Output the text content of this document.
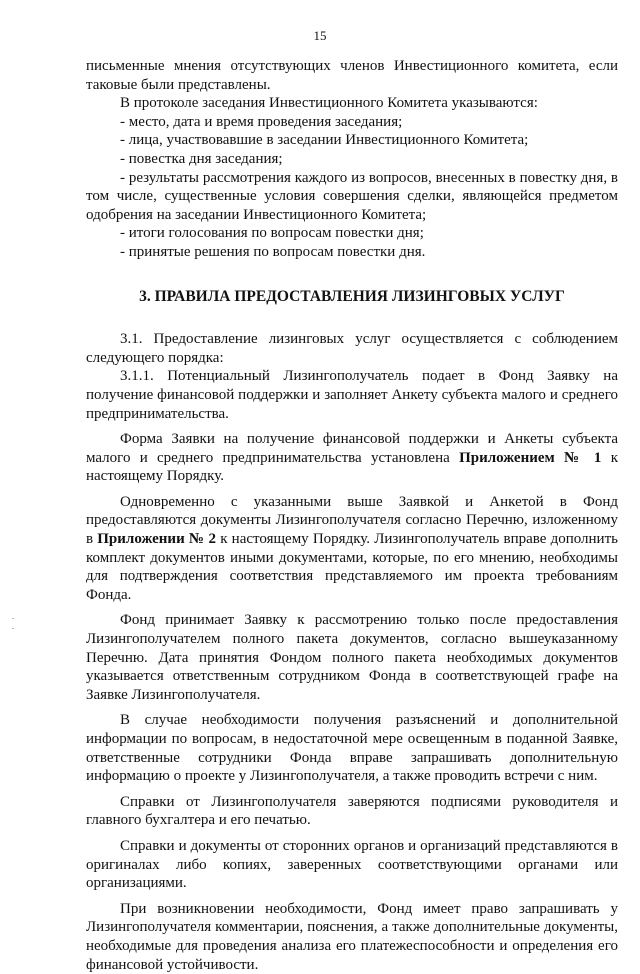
15

письменные мнения отсутствующих членов Инвестиционного комитета, если таковые были представлены.

В протоколе заседания Инвестиционного Комитета указываются:

- место, дата и время проведения заседания;

- лица, участвовавшие в заседании Инвестиционного Комитета;

- повестка дня заседания;

- результаты рассмотрения каждого из вопросов, внесенных в повестку дня, в том числе, существенные условия совершения сделки, являющейся предметом одобрения на заседании Инвестиционного Комитета;

- итоги голосования по вопросам повестки дня;

- принятые решения по вопросам повестки дня.

3. ПРАВИЛА ПРЕДОСТАВЛЕНИЯ ЛИЗИНГОВЫХ УСЛУГ

3.1. Предоставление лизинговых услуг осуществляется с соблюдением следующего порядка:

3.1.1. Потенциальный Лизингополучатель подает в Фонд Заявку на получение финансовой поддержки и заполняет Анкету субъекта малого и среднего предпринимательства.

Форма Заявки на получение финансовой поддержки и Анкеты субъекта малого и среднего предпринимательства установлена Приложением № 1 к настоящему Порядку.

Одновременно с указанными выше Заявкой и Анкетой в Фонд предоставляются документы Лизингополучателя согласно Перечню, изложенному в Приложении № 2 к настоящему Порядку. Лизингополучатель вправе дополнить комплект документов иными документами, которые, по его мнению, необходимы для подтверждения соответствия представляемого им проекта требованиям Фонда.

Фонд принимает Заявку к рассмотрению только после предоставления Лизингополучателем полного пакета документов, согласно вышеуказанному Перечню. Дата принятия Фондом полного пакета необходимых документов указывается ответственным сотрудником Фонда в соответствующей графе на Заявке Лизингополучателя.

В случае необходимости получения разъяснений и дополнительной информации по вопросам, в недостаточной мере освещенным в поданной Заявке, ответственные сотрудники Фонда вправе запрашивать дополнительную информацию о проекте у Лизингополучателя, а также проводить встречи с ним.

Справки от Лизингополучателя заверяются подписями руководителя и главного бухгалтера и его печатью.

Справки и документы от сторонних органов и организаций представляются в оригиналах либо копиях, заверенных соответствующими органами или организациями.

При возникновении необходимости, Фонд имеет право запрашивать у Лизингополучателя комментарии, пояснения, а также дополнительные документы, необходимые для проведения анализа его платежеспособности и определения его финансовой устойчивости.
